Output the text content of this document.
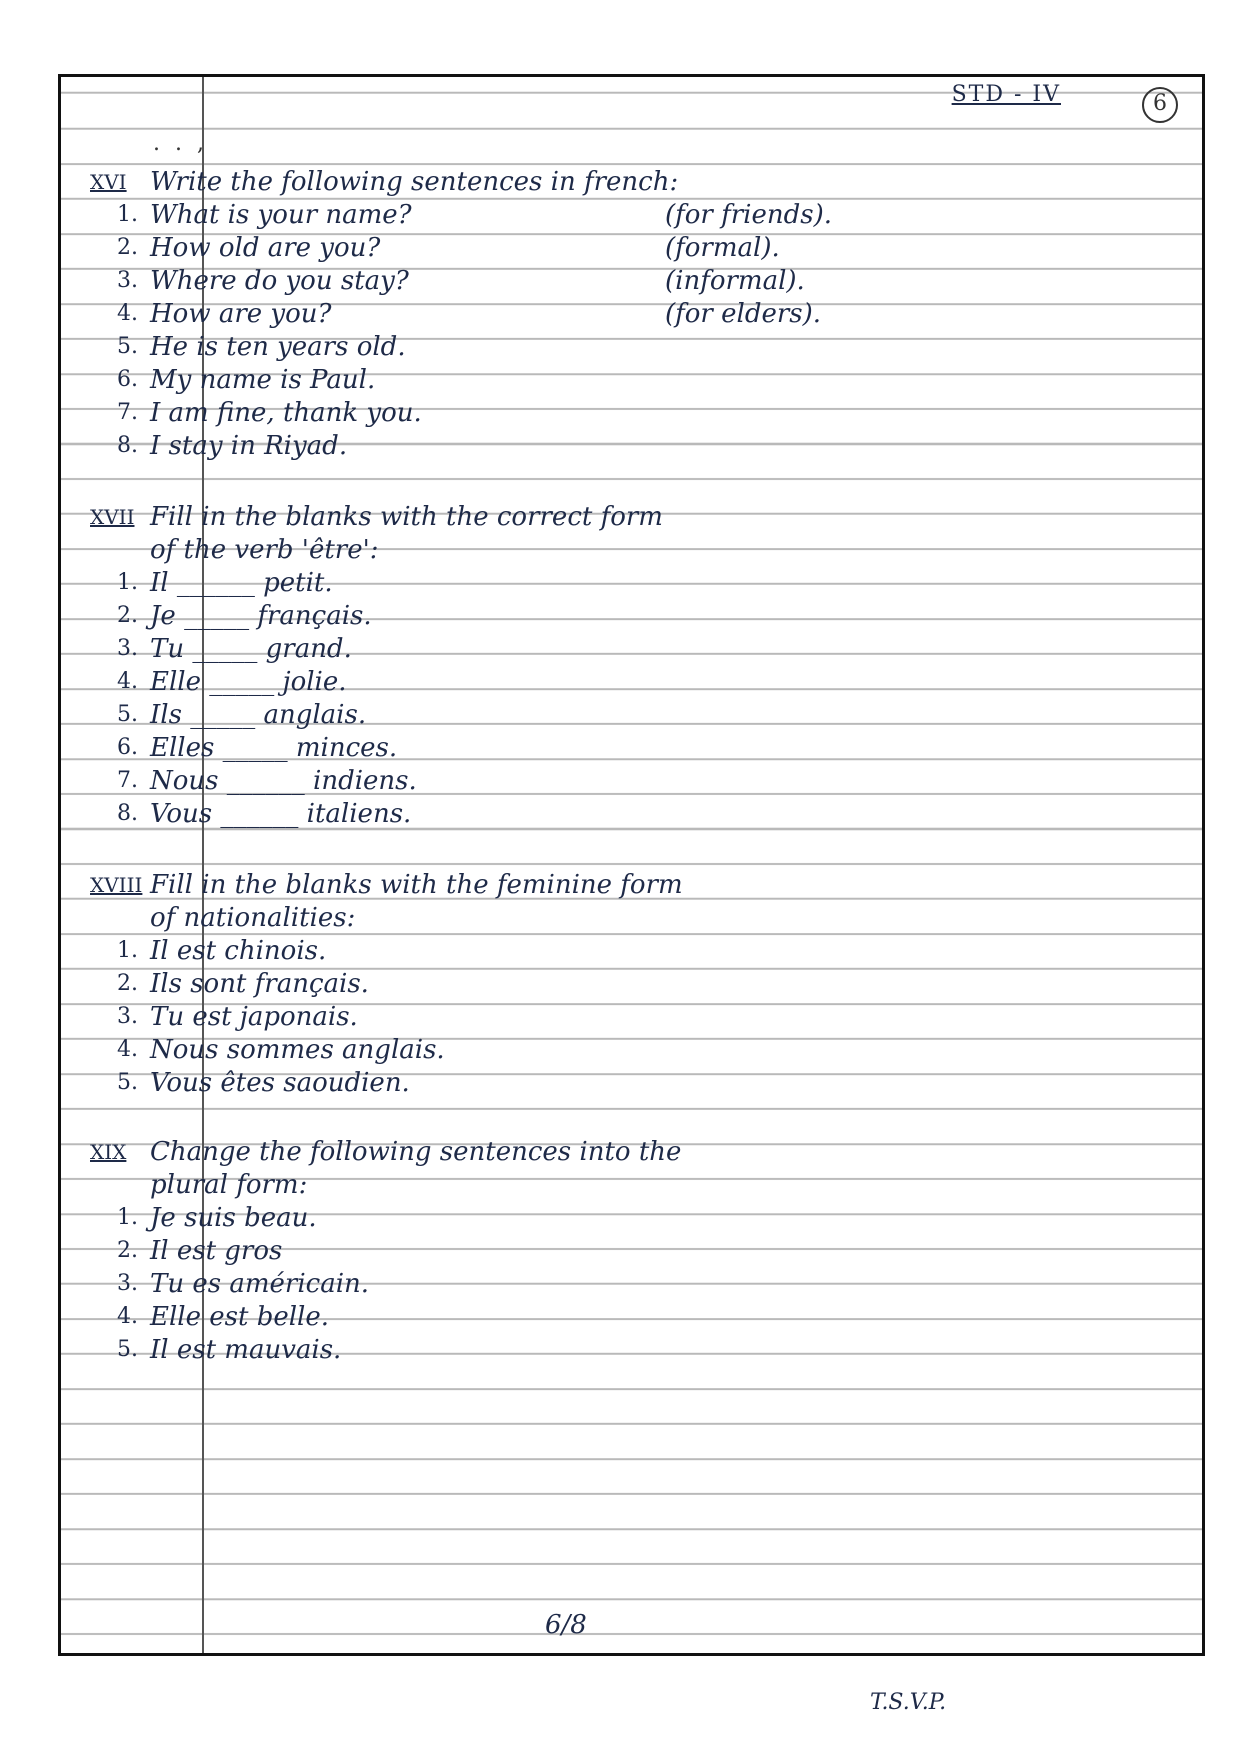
. . ,
6
STD - IV
XVI Write the following sentences in french:
1. What is your name?	(for friends).
2. How old are you?	(formal).
3. Where do you stay?	(informal).
4. How are you?	(for elders).
5. He is ten years old.
6. My name is Paul.
7. I am fine, thank you.
8. I stay in Riyad.
XVII Fill in the blanks with the correct form
of the verb 'être':
1. Il ______ petit.
2. Je _____ français.
3. Tu _____ grand.
4. Elle _____ jolie.
5. Ils _____ anglais.
6. Elles _____ minces.
7. Nous ______ indiens.
8. Vous ______ italiens.
XVIII Fill in the blanks with the feminine form
of nationalities:
1. Il est chinois.
2. Ils sont français.
3. Tu est japonais.
4. Nous sommes anglais.
5. Vous êtes saoudien.
XIX Change the following sentences into the
plural form:
1. Je suis beau.
2. Il est gros
3. Tu es américain.
4. Elle est belle.
5. Il est mauvais.
6/8
T.S.V.P.
